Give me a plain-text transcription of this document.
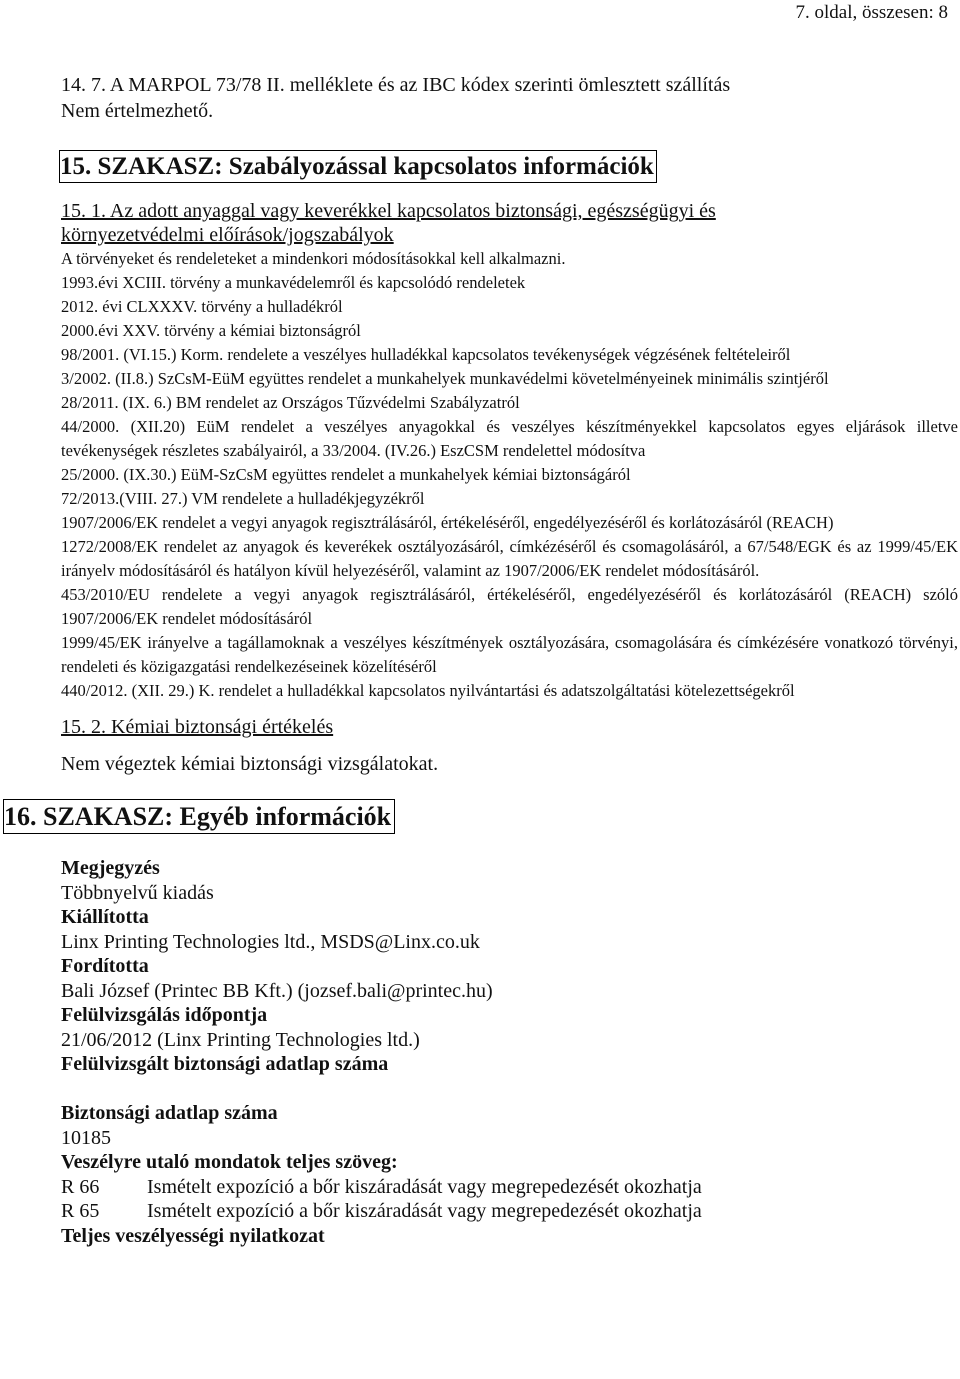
7. oldal, összesen: 8
14. 7. A MARPOL 73/78 II. melléklete és az IBC kódex szerinti ömlesztett szállítás
Nem értelmezhető.
15. SZAKASZ: Szabályozással kapcsolatos információk
15. 1. Az adott anyaggal vagy keverékkel kapcsolatos biztonsági, egészségügyi és
környezetvédelmi előírások/jogszabályok
A törvényeket és rendeleteket a mindenkori módosításokkal kell alkalmazni.
1993.évi XCIII. törvény a munkavédelemről és kapcsolódó rendeletek
2012. évi CLXXXV. törvény a hulladékról
2000.évi XXV. törvény a kémiai biztonságról
98/2001. (VI.15.) Korm. rendelete a veszélyes hulladékkal kapcsolatos tevékenységek végzésének feltételeiről
3/2002. (II.8.) SzCsM-EüM együttes rendelet a munkahelyek munkavédelmi követelményeinek minimális szintjéről
28/2011. (IX. 6.) BM rendelet az Országos Tűzvédelmi Szabályzatról
44/2000. (XII.20) EüM rendelet a veszélyes anyagokkal és veszélyes készítményekkel kapcsolatos egyes eljárások illetve tevékenységek részletes szabályairól, a 33/2004. (IV.26.) EszCSM rendelettel módosítva
25/2000. (IX.30.) EüM-SzCsM együttes rendelet a munkahelyek kémiai biztonságáról
72/2013.(VIII. 27.) VM rendelete a hulladékjegyzékről
1907/2006/EK rendelet a vegyi anyagok regisztrálásáról, értékeléséről, engedélyezéséről és korlátozásáról (REACH)
1272/2008/EK rendelet az anyagok és keverékek osztályozásáról, címkézéséről és csomagolásáról, a 67/548/EGK és az 1999/45/EK irányelv módosításáról és hatályon kívül helyezéséről, valamint az 1907/2006/EK rendelet módosításáról.
453/2010/EU rendelete a vegyi anyagok regisztrálásáról, értékeléséről, engedélyezéséről és korlátozásáról (REACH) szóló 1907/2006/EK rendelet módosításáról
1999/45/EK irányelve a tagállamoknak a veszélyes készítmények osztályozására, csomagolására és címkézésére vonatkozó törvényi, rendeleti és közigazgatási rendelkezéseinek közelítéséről
440/2012. (XII. 29.) K. rendelet a hulladékkal kapcsolatos nyilvántartási és adatszolgáltatási kötelezettségekről
15. 2. Kémiai biztonsági értékelés
Nem végeztek kémiai biztonsági vizsgálatokat.
16. SZAKASZ: Egyéb információk
Megjegyzés
Többnyelvű kiadás
Kiállította
Linx Printing Technologies ltd., MSDS@Linx.co.uk
Fordította
Bali József (Printec BB Kft.) (jozsef.bali@printec.hu)
Felülvizsgálás időpontja
21/06/2012 (Linx Printing Technologies ltd.)
Felülvizsgált biztonsági adatlap száma
Biztonsági adatlap száma
10185
Veszélyre utaló mondatok teljes szöveg:
R 66	Ismételt expozíció a bőr kiszáradását vagy megrepedezését okozhatja
R 65	Ismételt expozíció a bőr kiszáradását vagy megrepedezését okozhatja
Teljes veszélyességi nyilatkozat
